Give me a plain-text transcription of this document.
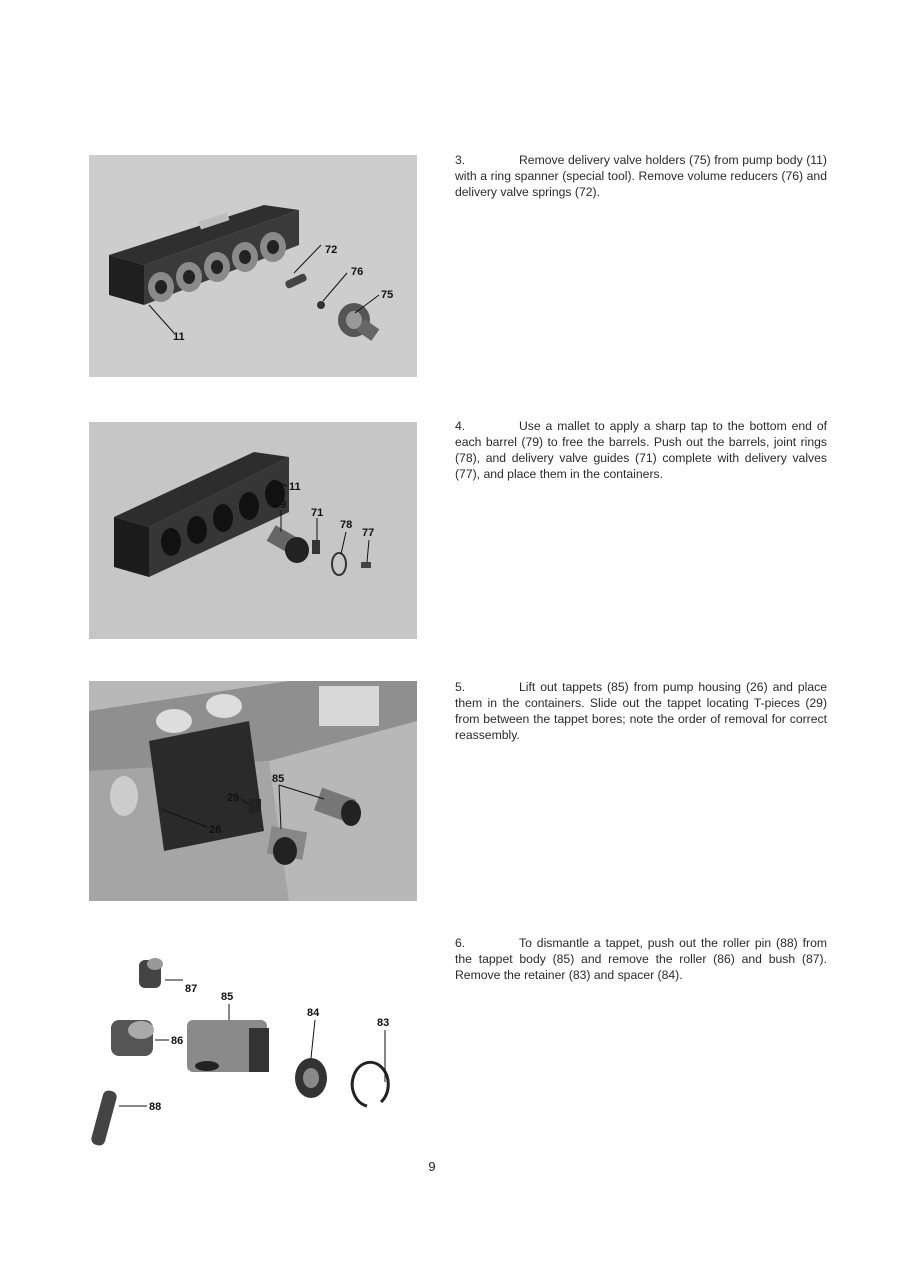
72
76
75
11
3.	Remove delivery valve holders (75) from pump body (11) with a ring spanner (special tool). Remove volume reducers (76) and delivery valve springs (72).
11
79
71
78
77
4.	Use a mallet to apply a sharp tap to the bottom end of each barrel (79) to free the barrels. Push out the barrels, joint rings (78), and delivery valve guides (71) complete with delivery valves (77), and place them in the containers.
85
29
26
5.	Lift out tappets (85) from pump housing (26) and place them in the containers. Slide out the tappet locating T-pieces (29) from between the tappet bores; note the order of removal for correct reassembly.
87
85
84
83
86
88
6.	To dismantle a tappet, push out the roller pin (88) from the tappet body (85) and remove the roller (86) and bush (87). Remove the retainer (83) and spacer (84).
9
